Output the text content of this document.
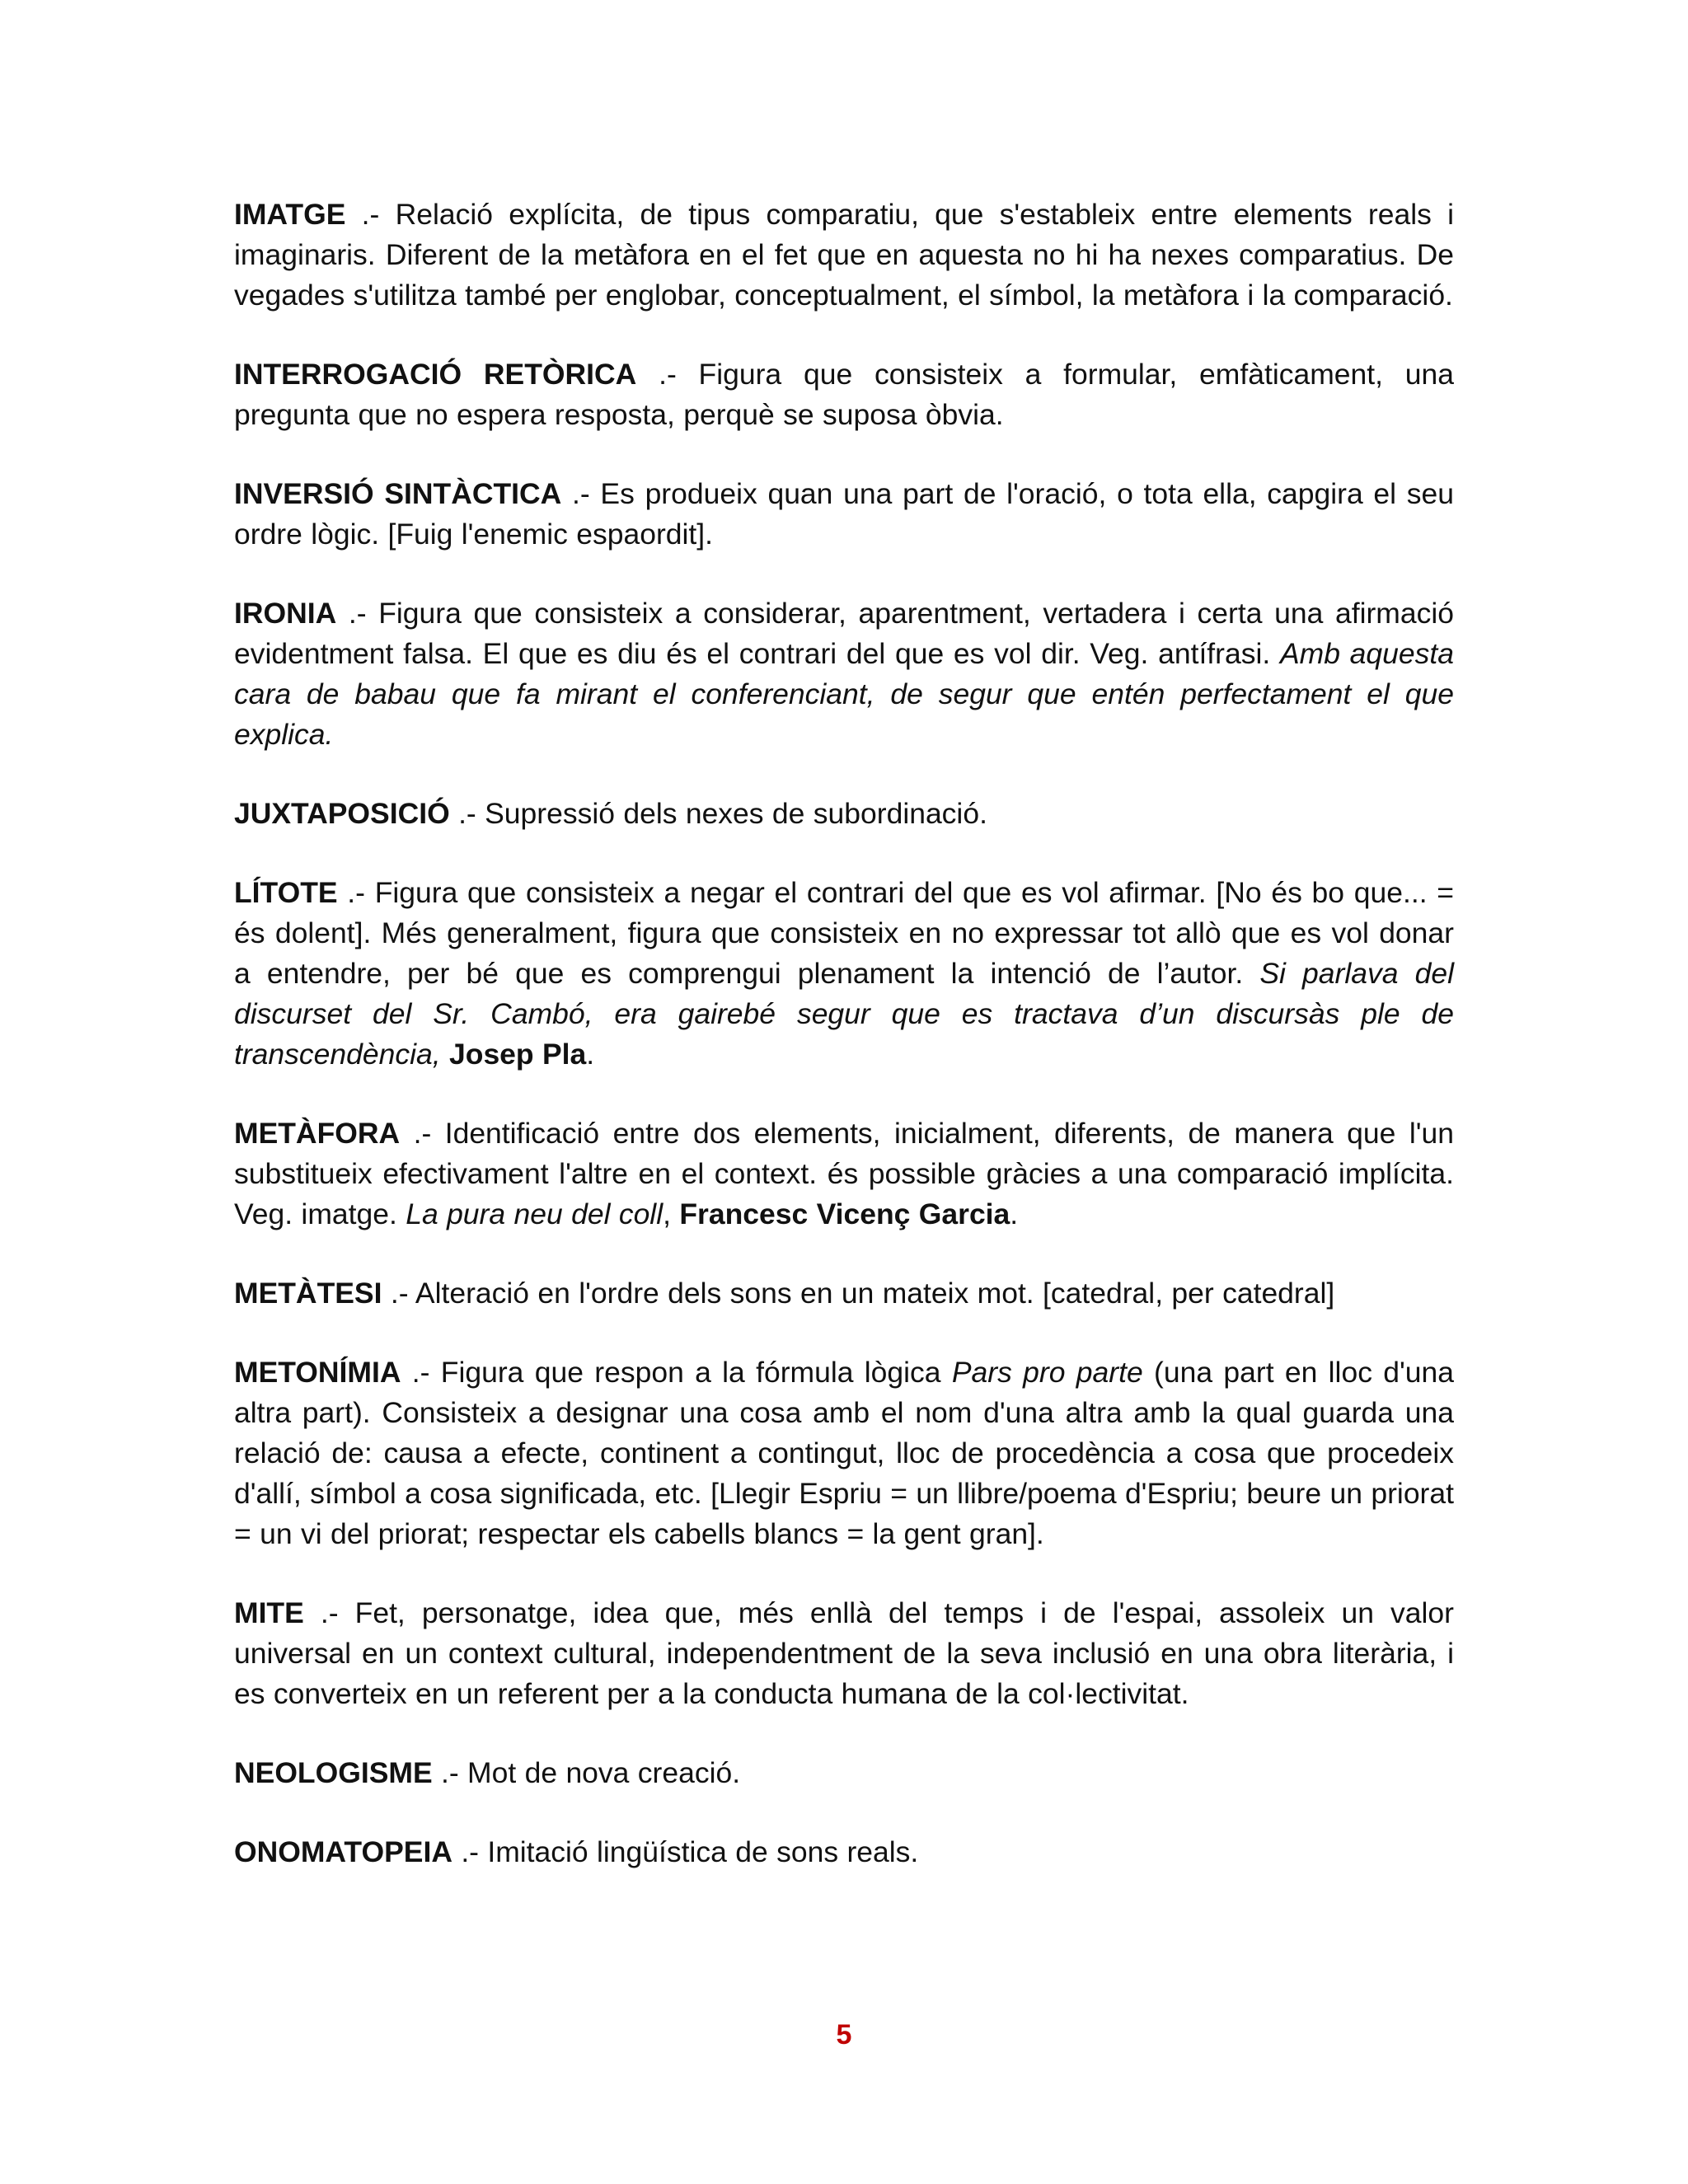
IMATGE .- Relació explícita, de tipus comparatiu, que s'estableix entre elements reals i imaginaris. Diferent de la metàfora en el fet que en aquesta no hi ha nexes comparatius. De vegades s'utilitza també per englobar, conceptualment, el símbol, la metàfora i la comparació.

INTERROGACIÓ RETÒRICA .- Figura que consisteix a formular, emfàticament, una pregunta que no espera resposta, perquè se suposa òbvia.

INVERSIÓ SINTÀCTICA .- Es produeix quan una part de l'oració, o tota ella, capgira el seu ordre lògic. [Fuig l'enemic espaordit].

IRONIA .- Figura que consisteix a considerar, aparentment, vertadera i certa una afirmació evidentment falsa. El que es diu és el contrari del que es vol dir. Veg. antífrasi. Amb aquesta cara de babau que fa mirant el conferenciant, de segur que entén perfectament el que explica.

JUXTAPOSICIÓ .- Supressió dels nexes de subordinació.

LÍTOTE .- Figura que consisteix a negar el contrari del que es vol afirmar. [No és bo que... = és dolent]. Més generalment, figura que consisteix en no expressar tot allò que es vol donar a entendre, per bé que es comprengui plenament la intenció de l’autor. Si parlava del discurset del Sr. Cambó, era gairebé segur que es tractava d’un discursàs ple de transcendència, Josep Pla.

METÀFORA .- Identificació entre dos elements, inicialment, diferents, de manera que l'un substitueix efectivament l'altre en el context. és possible gràcies a una comparació implícita. Veg. imatge. La pura neu del coll, Francesc Vicenç Garcia.

METÀTESI .- Alteració en l'ordre dels sons en un mateix mot. [catedral, per catedral]

METONÍMIA .- Figura que respon a la fórmula lògica Pars pro parte (una part en lloc d'una altra part). Consisteix a designar una cosa amb el nom d'una altra amb la qual guarda una relació de: causa a efecte, continent a contingut, lloc de procedència a cosa que procedeix d'allí, símbol a cosa significada, etc. [Llegir Espriu = un llibre/poema d'Espriu; beure un priorat = un vi del priorat; respectar els cabells blancs = la gent gran].

MITE .- Fet, personatge, idea que, més enllà del temps i de l'espai, assoleix un valor universal en un context cultural, independentment de la seva inclusió en una obra literària, i es converteix en un referent per a la conducta humana de la col·lectivitat.

NEOLOGISME .- Mot de nova creació.

ONOMATOPEIA .- Imitació lingüística de sons reals.

5
